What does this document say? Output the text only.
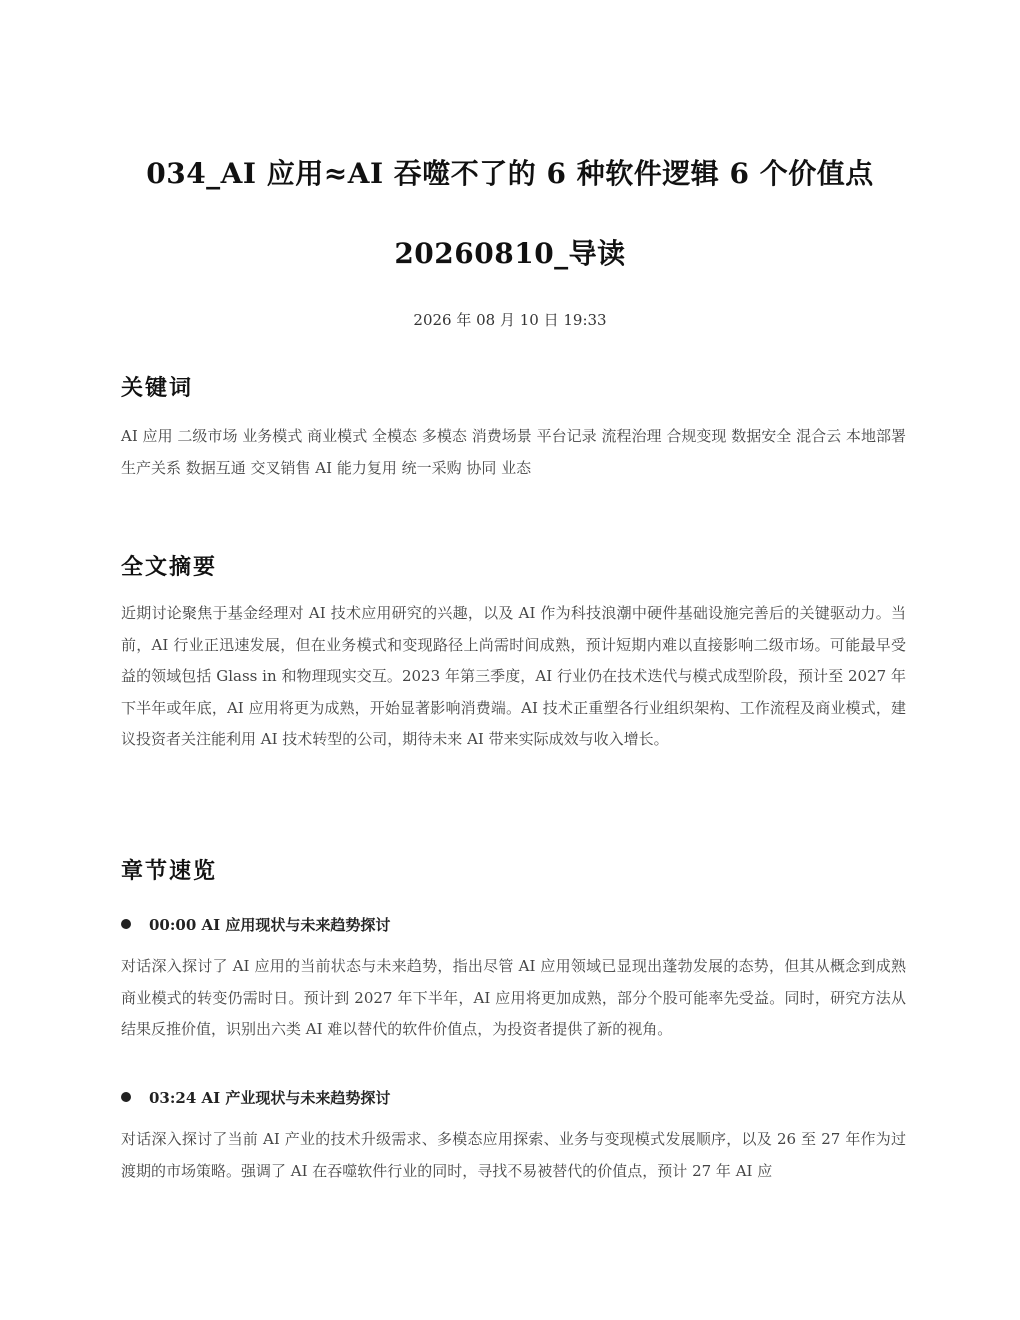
034_AI 应用≈AI 吞噬不了的 6 种软件逻辑 6 个价值点
20260810_导读
2026 年 08 月 10 日 19:33
关键词
AI 应用 二级市场 业务模式 商业模式 全模态 多模态 消费场景 平台记录 流程治理 合规变现 数据安全 混合云 本地部署 生产关系 数据互通 交叉销售 AI 能力复用 统一采购 协同 业态
全文摘要
近期讨论聚焦于基金经理对 AI 技术应用研究的兴趣，以及 AI 作为科技浪潮中硬件基础设施完善后的关键驱动力。当前，AI 行业正迅速发展，但在业务模式和变现路径上尚需时间成熟，预计短期内难以直接影响二级市场。可能最早受益的领域包括 Glass in 和物理现实交互。2023 年第三季度，AI 行业仍在技术迭代与模式成型阶段，预计至 2027 年下半年或年底，AI 应用将更为成熟，开始显著影响消费端。AI 技术正重塑各行业组织架构、工作流程及商业模式，建议投资者关注能利用 AI 技术转型的公司，期待未来 AI 带来实际成效与收入增长。
章节速览
00:00 AI 应用现状与未来趋势探讨
对话深入探讨了 AI 应用的当前状态与未来趋势，指出尽管 AI 应用领域已显现出蓬勃发展的态势，但其从概念到成熟商业模式的转变仍需时日。预计到 2027 年下半年，AI 应用将更加成熟，部分个股可能率先受益。同时，研究方法从结果反推价值，识别出六类 AI 难以替代的软件价值点，为投资者提供了新的视角。
03:24 AI 产业现状与未来趋势探讨
对话深入探讨了当前 AI 产业的技术升级需求、多模态应用探索、业务与变现模式发展顺序，以及 26 至 27 年作为过渡期的市场策略。强调了 AI 在吞噬软件行业的同时，寻找不易被替代的价值点，预计 27 年 AI 应
